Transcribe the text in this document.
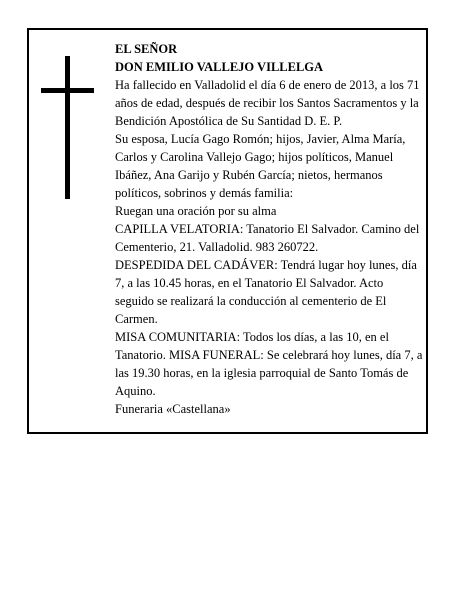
EL SEÑOR

DON EMILIO VALLEJO VILLELGA

Ha fallecido en Valladolid el día 6 de enero de 2013, a los 71 años de edad, después de recibir los Santos Sacramentos y la Bendición Apostólica de Su Santidad D. E. P.

Su esposa, Lucía Gago Romón; hijos, Javier, Alma María, Carlos y Carolina Vallejo Gago; hijos políticos, Manuel Ibáñez, Ana Garijo y Rubén García; nietos, hermanos políticos, sobrinos y demás familia:

Ruegan una oración por su alma

CAPILLA VELATORIA: Tanatorio El Salvador. Camino del Cementerio, 21. Valladolid. 983 260722.

DESPEDIDA DEL CADÁVER: Tendrá lugar hoy lunes, día 7, a las 10.45 horas, en el Tanatorio El Salvador. Acto seguido se realizará la conducción al cementerio de El Carmen.

MISA COMUNITARIA: Todos los días, a las 10, en el Tanatorio. MISA FUNERAL: Se celebrará hoy lunes, día 7, a las 19.30 horas, en la iglesia parroquial de Santo Tomás de Aquino.

Funeraria «Castellana»
